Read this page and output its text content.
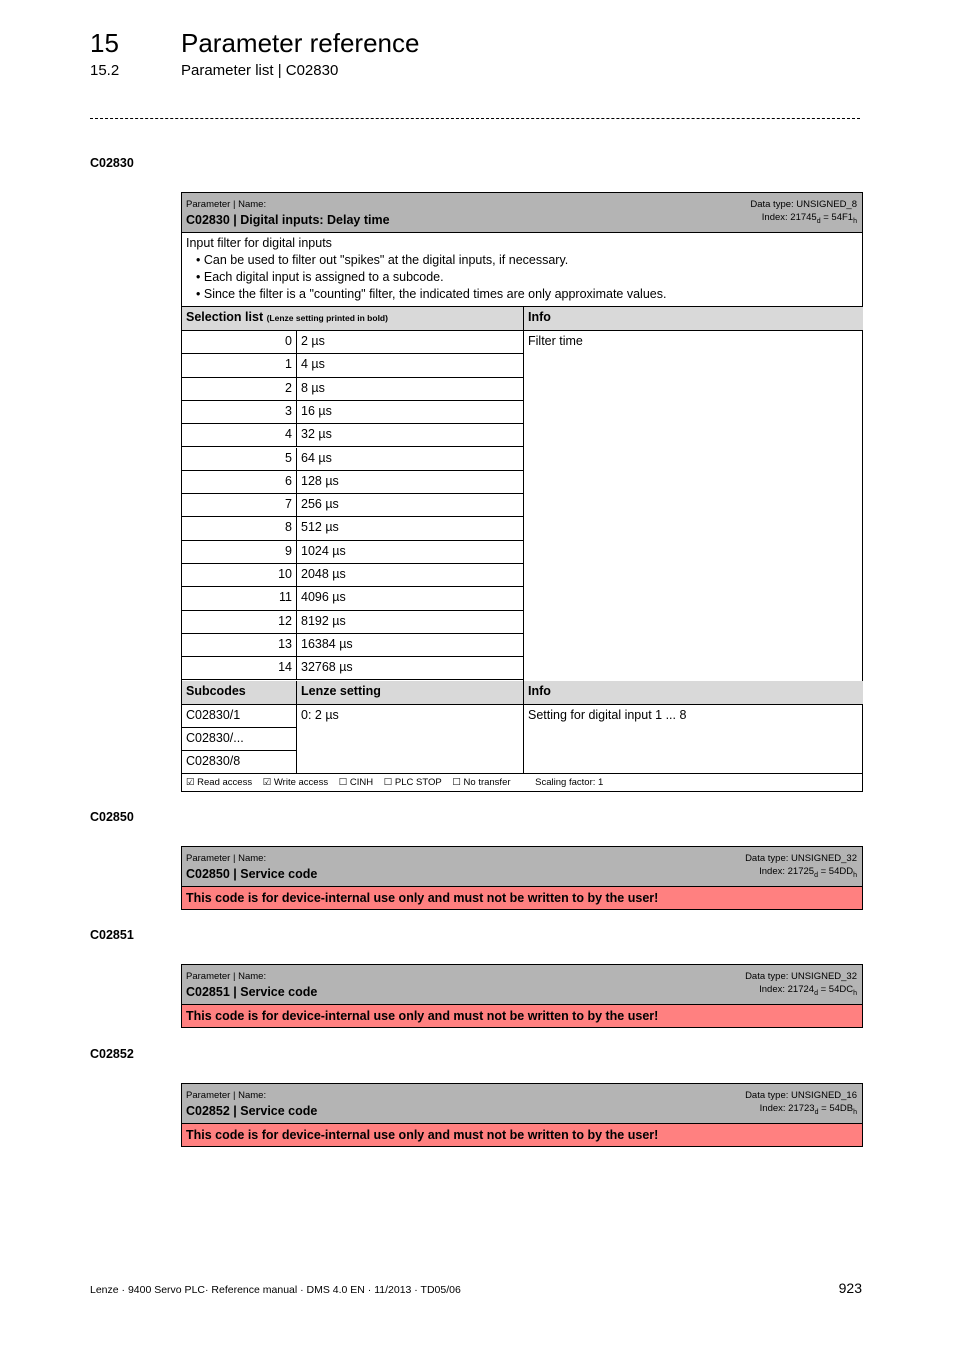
15 Parameter reference
15.2	Parameter list | C02830
C02830
Parameter | Name:
C02830 | Digital inputs: Delay time
Data type: UNSIGNED_8
Index: $21745_d = 54F1_h$
Input filter for digital inputs
• Can be used to filter out "spikes" at the digital inputs, if necessary.
• Each digital input is assigned to a subcode.
• Since the filter is a "counting" filter, the indicated times are only approximate values.
Selection list (Lenze setting printed in bold)	Info
Filter time
0 2 µs
1 4 µs
2 8 µs
3 16 µs
4 32 µs
5 64 µs
6 128 µs
7 256 µs
8 512 µs
9 1024 µs
10 2048 µs
11 4096 µs
12 8192 µs
13 16384 µs
14 32768 µs
Subcodes	Lenze setting	Info
C02830/1
C02830/...
C02830/8
0: 2 µs	Setting for digital input 1 ... 8
☑ Read access ☑ Write access ☐ CINH ☐ PLC STOP ☐ No transfer	Scaling factor: 1
C02850
Parameter | Name:
C02850 | Service code
Data type: UNSIGNED_32
Index: $21725_d = 54DD_h$
This code is for device-internal use only and must not be written to by the user!
C02851
Parameter | Name:
C02851 | Service code
Data type: UNSIGNED_32
Index: $21724_d = 54DC_h$
This code is for device-internal use only and must not be written to by the user!
C02852
Parameter | Name:
C02852 | Service code
Data type: UNSIGNED_16
Index: $21723_d = 54DB_h$
This code is for device-internal use only and must not be written to by the user!
Lenze · 9400 Servo PLC· Reference manual · DMS 4.0 EN · 11/2013 · TD05/06	923
